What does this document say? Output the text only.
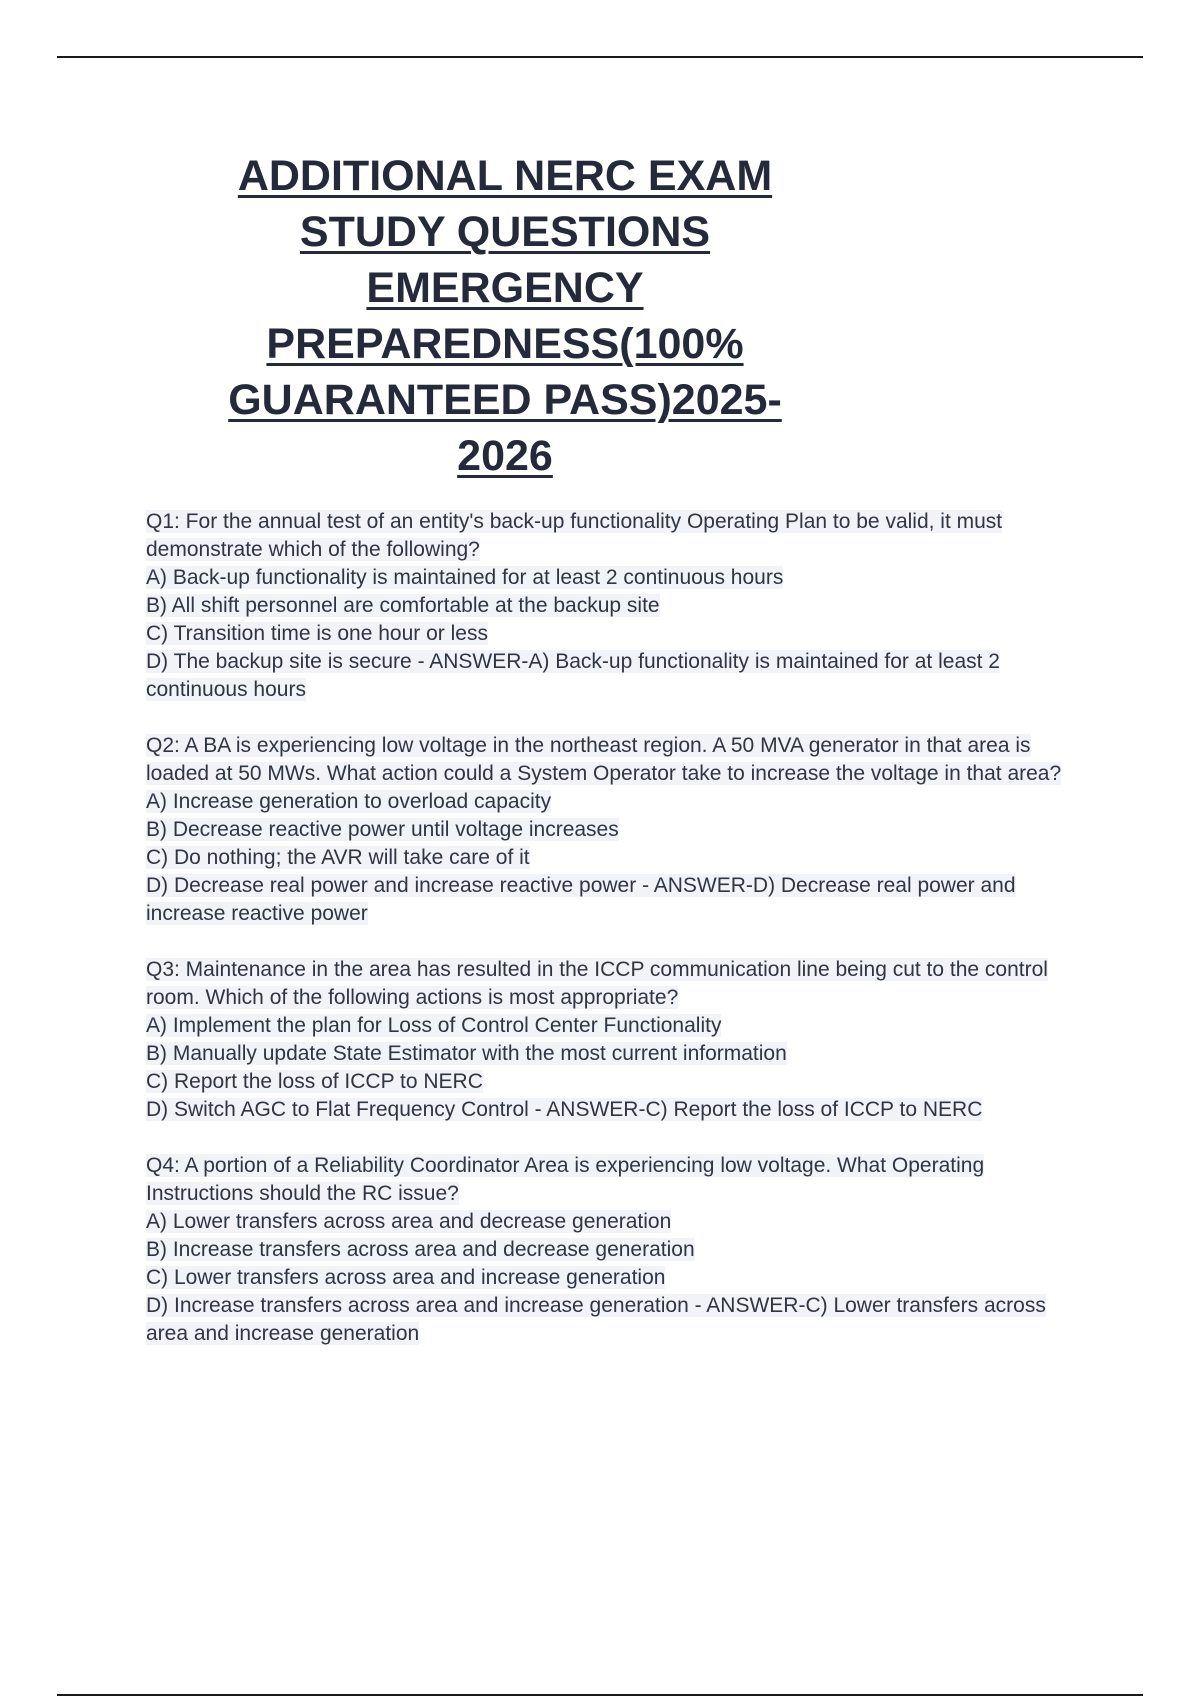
ADDITIONAL NERC EXAM
STUDY QUESTIONS
EMERGENCY
PREPAREDNESS(100%
GUARANTEED PASS)2025-
2026
Q1: For the annual test of an entity's back-up functionality Operating Plan to be valid, it must demonstrate which of the following?
A) Back-up functionality is maintained for at least 2 continuous hours
B) All shift personnel are comfortable at the backup site
C) Transition time is one hour or less
D) The backup site is secure - ANSWER-A) Back-up functionality is maintained for at least 2 continuous hours
Q2: A BA is experiencing low voltage in the northeast region. A 50 MVA generator in that area is loaded at 50 MWs. What action could a System Operator take to increase the voltage in that area?
A) Increase generation to overload capacity
B) Decrease reactive power until voltage increases
C) Do nothing; the AVR will take care of it
D) Decrease real power and increase reactive power - ANSWER-D) Decrease real power and increase reactive power
Q3: Maintenance in the area has resulted in the ICCP communication line being cut to the control room. Which of the following actions is most appropriate?
A) Implement the plan for Loss of Control Center Functionality
B) Manually update State Estimator with the most current information
C) Report the loss of ICCP to NERC
D) Switch AGC to Flat Frequency Control - ANSWER-C) Report the loss of ICCP to NERC
Q4: A portion of a Reliability Coordinator Area is experiencing low voltage. What Operating Instructions should the RC issue?
A) Lower transfers across area and decrease generation
B) Increase transfers across area and decrease generation
C) Lower transfers across area and increase generation
D) Increase transfers across area and increase generation - ANSWER-C) Lower transfers across area and increase generation
